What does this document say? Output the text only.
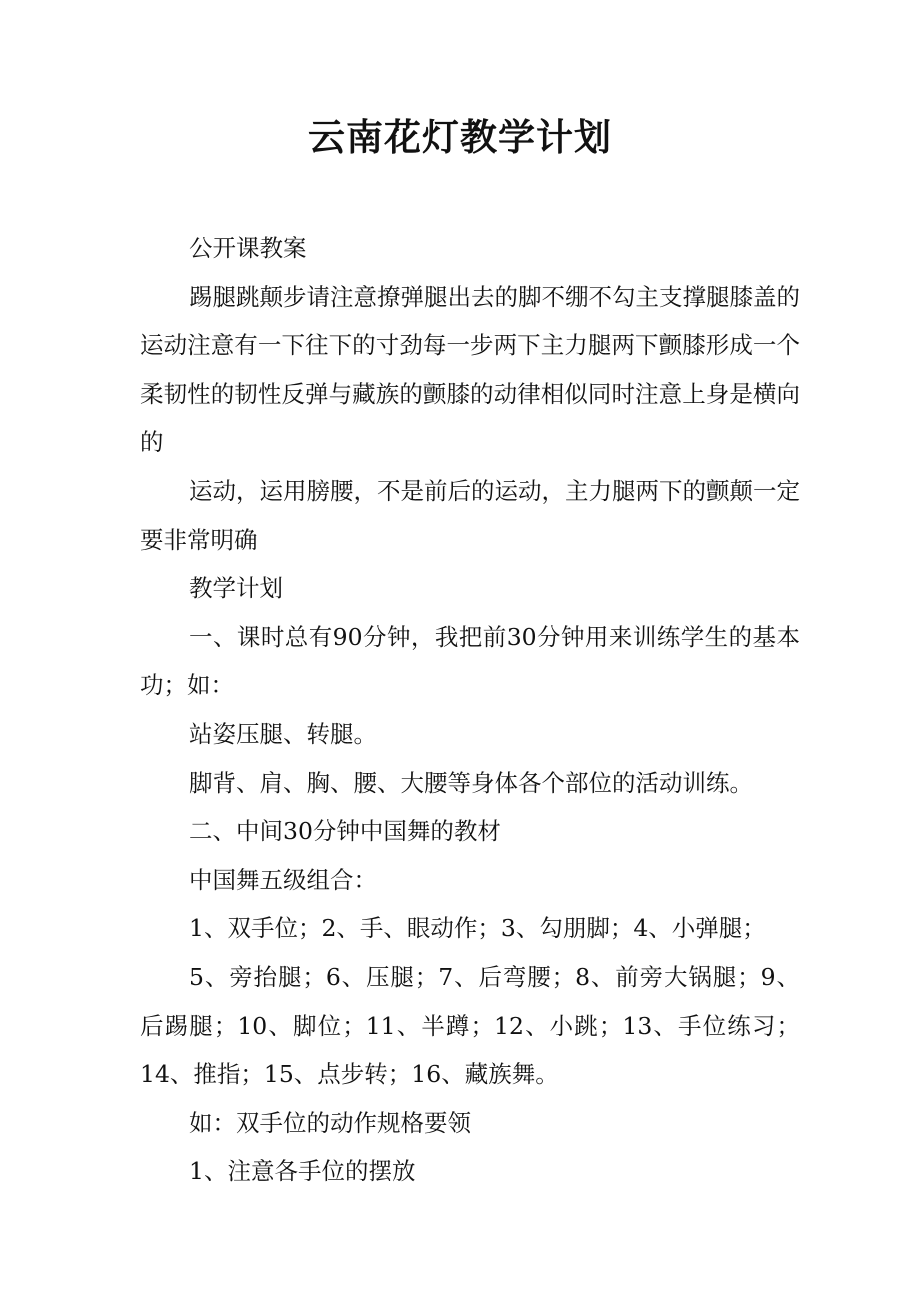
云南花灯教学计划

公开课教案

踢腿跳颠步请注意撩弹腿出去的脚不绷不勾主支撑腿膝盖的运动注意有一下往下的寸劲每一步两下主力腿两下颤膝形成一个柔韧性的韧性反弹与藏族的颤膝的动律相似同时注意上身是横向的

运动，运用膀腰，不是前后的运动，主力腿两下的颤颠一定要非常明确

教学计划

一、课时总有90分钟，我把前30分钟用来训练学生的基本功；如：

站姿压腿、转腿。

脚背、肩、胸、腰、大腰等身体各个部位的活动训练。

二、中间30分钟中国舞的教材

中国舞五级组合：

1、双手位；2、手、眼动作；3、勾朋脚；4、小弹腿；

5、旁抬腿；6、压腿；7、后弯腰；8、前旁大锅腿；9、后踢腿；10、脚位；11、半蹲；12、小跳；13、手位练习；14、推指；15、点步转；16、藏族舞。

如：双手位的动作规格要领

1、注意各手位的摆放
